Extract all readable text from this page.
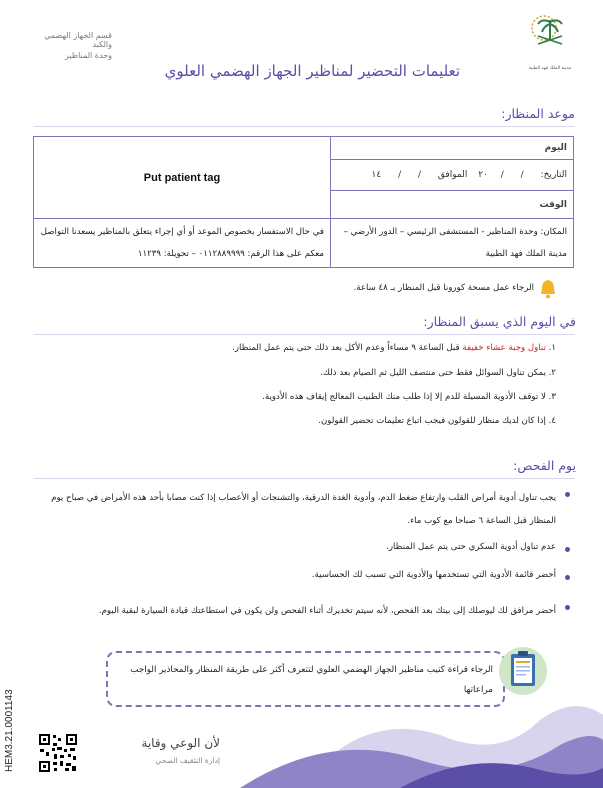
قسم الجهاز الهضمي والكبد
وحدة المناظير
مدينة الملك فهد الطبية
تعليمات التحضير لمناظير الجهاز الهضمي العلوي
موعد المنظار:
Put patient tag	اليوم
	التاريخ: / / ٢٠ الموافق / / ١٤
	الوقت
في حال الاستفسار بخصوص الموعد أو أي إجراء يتعلق بالمناظير يسعدنا التواصل معكم على هذا الرقم: ٠١١٢٨٨٩٩٩٩ – تحويلة: ١١٢٣٩	المكان: وحدة المناظير - المستشفى الرئيسي – الدور الأرضي – مدينة الملك فهد الطبية
الرجاء عمل مسحة كورونا قبل المنظار بـ ٤٨ ساعة.
في اليوم الذي يسبق المنظار:
١. تناول وجبة عشاء خفيفة قبل الساعة ٩ مساءاً وعدم الأكل بعد ذلك حتى يتم عمل المنظار.
٢. يمكن تناول السوائل فقط حتى منتصف الليل ثم الصيام بعد ذلك.
٣. لا توقف الأدوية المسيلة للدم إلا إذا طلب منك الطبيب المعالج إيقاف هذه الأدوية.
٤. إذا كان لديك منظار للقولون فيجب اتباع تعليمات تحضير القولون.
يوم الفحص:
يجب تناول أدوية أمراض القلب وارتفاع ضغط الدم، وأدوية الغدة الدرقية، والتشنجات أو الأعصاب إذا كنت مصابا بأحد هذه الأمراض في صباح يوم المنظار قبل الساعة ٦ صباحا مع كوب ماء.
عدم تناول أدوية السكري حتى يتم عمل المنظار.
أحضر قائمة الأدوية التي تستخدمها والأدوية التي تسبب لك الحساسية.
أحضر مرافق لك ليوصلك إلى بيتك بعد الفحص، لأنه سيتم تخديرك أثناء الفحص ولن يكون في استطاعتك قيادة السيارة لبقية اليوم.
الرجاء قراءة كتيب مناظير الجهاز الهضمي العلوي لتتعرف أكثر على طريقة المنظار والمحاذير الواجب مراعاتها
لأن الوعي وقاية
إدارة التثقيف الصحي
HEM3.21.0001143
